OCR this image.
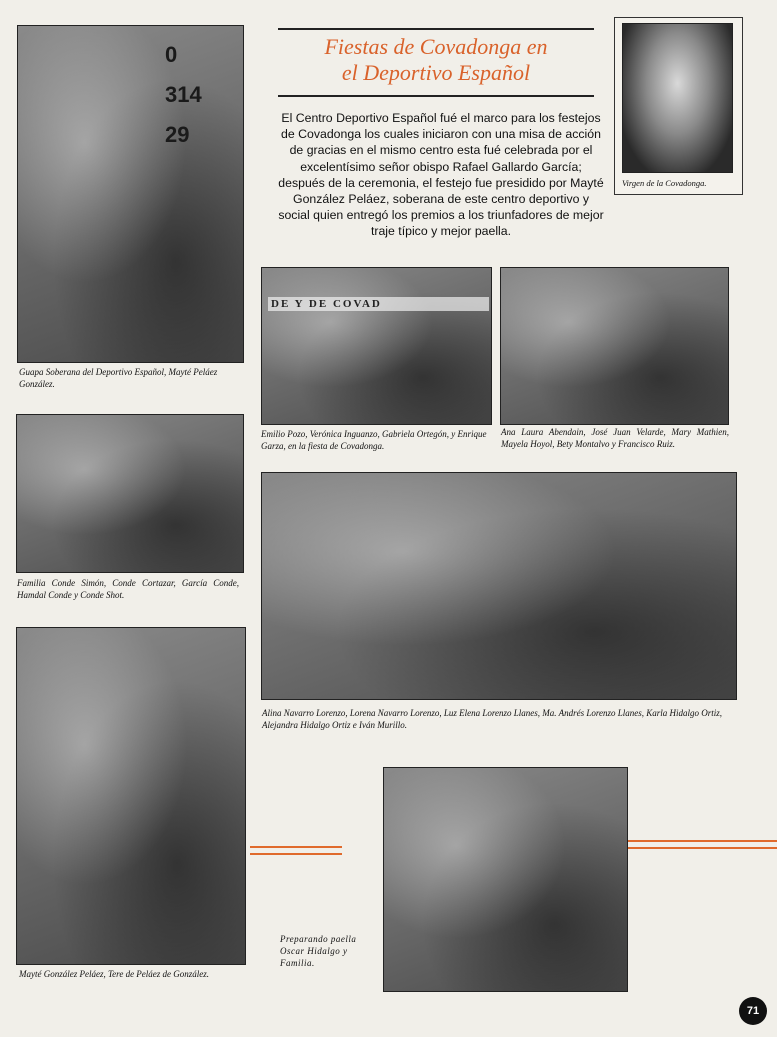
0 314 29
Guapa Soberana del Deportivo Español, Mayté Peláez González.
Familia Conde Simón, Conde Cortazar, García Conde, Hamdal Conde y Conde Shot.
Mayté González Peláez, Tere de Peláez de González.
Fiestas de Covadonga en
el Deportivo Español
El Centro Deportivo Español fué el marco para los festejos de Covadonga los cuales iniciaron con una misa de acción de gracias en el mismo centro esta fué celebrada por el excelentísimo señor obispo Rafael Gallardo García; después de la ceremonia, el festejo fue presidido por Mayté González Peláez, soberana de este centro deportivo y social quien entregó los premios a los triunfadores de mejor traje típico y mejor paella.
Virgen de la Covadonga.
DE Y DE COVAD
Emilio Pozo, Verónica Inguanzo, Gabriela Ortegón, y Enrique Garza, en la fiesta de Covadonga.
Ana Laura Abendain, José Juan Velarde, Mary Mathien, Mayela Hoyol, Bety Montalvo y Francisco Ruiz.
Alina Navarro Lorenzo, Lorena Navarro Lorenzo, Luz Elena Lorenzo Llanes, Ma. Andrés Lorenzo Llanes, Karla Hidalgo Ortiz, Alejandra Hidalgo Ortiz e Iván Murillo.
Preparando paella Oscar Hidalgo y Familia.
71
